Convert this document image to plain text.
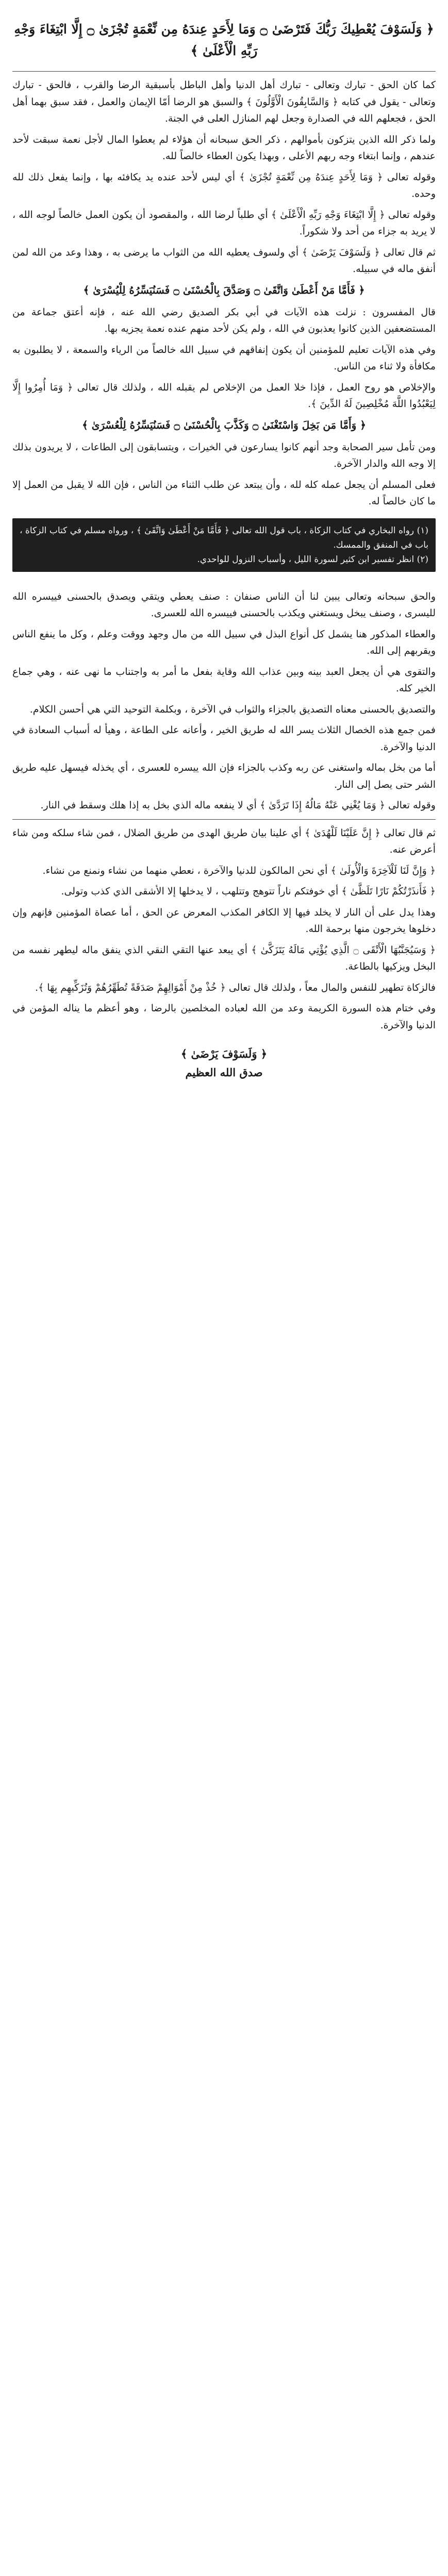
﴿ وَلَسَوْفَ يُعْطِيكَ رَبُّكَ فَتَرْضَىٰ ۝ وَمَا لِأَحَدٍ عِندَهُ مِن نِّعْمَةٍ تُجْزَىٰ ۝ إِلَّا ابْتِغَاءَ وَجْهِ رَبِّهِ الْأَعْلَىٰ ﴾

كما كان الحق - تبارك وتعالى - تبارك أهل الدنيا وأهل الباطل بأسبقية الرضا والقرب ، فالحق - تبارك وتعالى - يقول في كتابه ﴿ وَالسَّابِقُونَ الْأَوَّلُونَ ﴾ والسبق هو الرضا أمّا الإيمان والعمل ، فقد سبق بهما أهل الحق ، فجعلهم الله في الصدارة وجعل لهم المنازل العلى في الجنة.

ولما ذكر الله الذين يتزكون بأموالهم ، ذكر الحق سبحانه أن هؤلاء لم يعطوا المال لأجل نعمة سبقت لأحد عندهم ، وإنما ابتغاء وجه ربهم الأعلى ، وبهذا يكون العطاء خالصاً لله.

وقوله تعالى ﴿ وَمَا لِأَحَدٍ عِندَهُ مِن نِّعْمَةٍ تُجْزَىٰ ﴾ أي ليس لأحد عنده يد يكافئه بها ، وإنما يفعل ذلك لله وحده.

وقوله تعالى ﴿ إِلَّا ابْتِغَاءَ وَجْهِ رَبِّهِ الْأَعْلَىٰ ﴾ أي طلباً لرضا الله ، والمقصود أن يكون العمل خالصاً لوجه الله ، لا يريد به جزاء من أحد ولا شكوراً.

ثم قال تعالى ﴿ وَلَسَوْفَ يَرْضَىٰ ﴾ أي ولسوف يعطيه الله من الثواب ما يرضى به ، وهذا وعد من الله لمن أنفق ماله في سبيله.

﴿ فَأَمَّا مَنْ أَعْطَىٰ وَاتَّقَىٰ ۝ وَصَدَّقَ بِالْحُسْنَىٰ ۝ فَسَنُيَسِّرُهُ لِلْيُسْرَىٰ ﴾

قال المفسرون : نزلت هذه الآيات في أبي بكر الصديق رضي الله عنه ، فإنه أعتق جماعة من المستضعفين الذين كانوا يعذبون في الله ، ولم يكن لأحد منهم عنده نعمة يجزيه بها.

وفي هذه الآيات تعليم للمؤمنين أن يكون إنفاقهم في سبيل الله خالصاً من الرياء والسمعة ، لا يطلبون به مكافأة ولا ثناء من الناس.

والإخلاص هو روح العمل ، فإذا خلا العمل من الإخلاص لم يقبله الله ، ولذلك قال تعالى ﴿ وَمَا أُمِرُوا إِلَّا لِيَعْبُدُوا اللَّهَ مُخْلِصِينَ لَهُ الدِّينَ ﴾.

﴿ وَأَمَّا مَن بَخِلَ وَاسْتَغْنَىٰ ۝ وَكَذَّبَ بِالْحُسْنَىٰ ۝ فَسَنُيَسِّرُهُ لِلْعُسْرَىٰ ﴾

ومن تأمل سير الصحابة وجد أنهم كانوا يسارعون في الخيرات ، ويتسابقون إلى الطاعات ، لا يريدون بذلك إلا وجه الله والدار الآخرة.

فعلى المسلم أن يجعل عمله كله لله ، وأن يبتعد عن طلب الثناء من الناس ، فإن الله لا يقبل من العمل إلا ما كان خالصاً له.

(١) رواه البخاري في كتاب الزكاة ، باب قول الله تعالى ﴿ فَأَمَّا مَنْ أَعْطَىٰ وَاتَّقَىٰ ﴾ ، ورواه مسلم في كتاب الزكاة ، باب في المنفق والممسك.
(٢) انظر تفسير ابن كثير لسورة الليل ، وأسباب النزول للواحدي.

والحق سبحانه وتعالى يبين لنا أن الناس صنفان : صنف يعطي ويتقي ويصدق بالحسنى فييسره الله لليسرى ، وصنف يبخل ويستغني ويكذب بالحسنى فييسره الله للعسرى.

والعطاء المذكور هنا يشمل كل أنواع البذل في سبيل الله من مال وجهد ووقت وعلم ، وكل ما ينفع الناس ويقربهم إلى الله.

والتقوى هي أن يجعل العبد بينه وبين عذاب الله وقاية بفعل ما أمر به واجتناب ما نهى عنه ، وهي جماع الخير كله.

والتصديق بالحسنى معناه التصديق بالجزاء والثواب في الآخرة ، وبكلمة التوحيد التي هي أحسن الكلام.

فمن جمع هذه الخصال الثلاث يسر الله له طريق الخير ، وأعانه على الطاعة ، وهيأ له أسباب السعادة في الدنيا والآخرة.

أما من بخل بماله واستغنى عن ربه وكذب بالجزاء فإن الله ييسره للعسرى ، أي يخذله فيسهل عليه طريق الشر حتى يصل إلى النار.

وقوله تعالى ﴿ وَمَا يُغْنِي عَنْهُ مَالُهُ إِذَا تَرَدَّىٰ ﴾ أي لا ينفعه ماله الذي بخل به إذا هلك وسقط في النار.

ثم قال تعالى ﴿ إِنَّ عَلَيْنَا لَلْهُدَىٰ ﴾ أي علينا بيان طريق الهدى من طريق الضلال ، فمن شاء سلكه ومن شاء أعرض عنه.

﴿ وَإِنَّ لَنَا لَلْآخِرَةَ وَالْأُولَىٰ ﴾ أي نحن المالكون للدنيا والآخرة ، نعطي منهما من نشاء ونمنع من نشاء.

﴿ فَأَنذَرْتُكُمْ نَارًا تَلَظَّىٰ ﴾ أي خوفتكم ناراً تتوهج وتتلهب ، لا يدخلها إلا الأشقى الذي كذب وتولى.

وهذا يدل على أن النار لا يخلد فيها إلا الكافر المكذب المعرض عن الحق ، أما عصاة المؤمنين فإنهم وإن دخلوها يخرجون منها برحمة الله.

﴿ وَسَيُجَنَّبُهَا الْأَتْقَى ۝ الَّذِي يُؤْتِي مَالَهُ يَتَزَكَّىٰ ﴾ أي يبعد عنها التقي النقي الذي ينفق ماله ليطهر نفسه من البخل ويزكيها بالطاعة.

فالزكاة تطهير للنفس والمال معاً ، ولذلك قال تعالى ﴿ خُذْ مِنْ أَمْوَالِهِمْ صَدَقَةً تُطَهِّرُهُمْ وَتُزَكِّيهِم بِهَا ﴾.

وفي ختام هذه السورة الكريمة وعد من الله لعباده المخلصين بالرضا ، وهو أعظم ما يناله المؤمن في الدنيا والآخرة.

﴿ وَلَسَوْفَ يَرْضَىٰ ﴾
صدق الله العظيم
